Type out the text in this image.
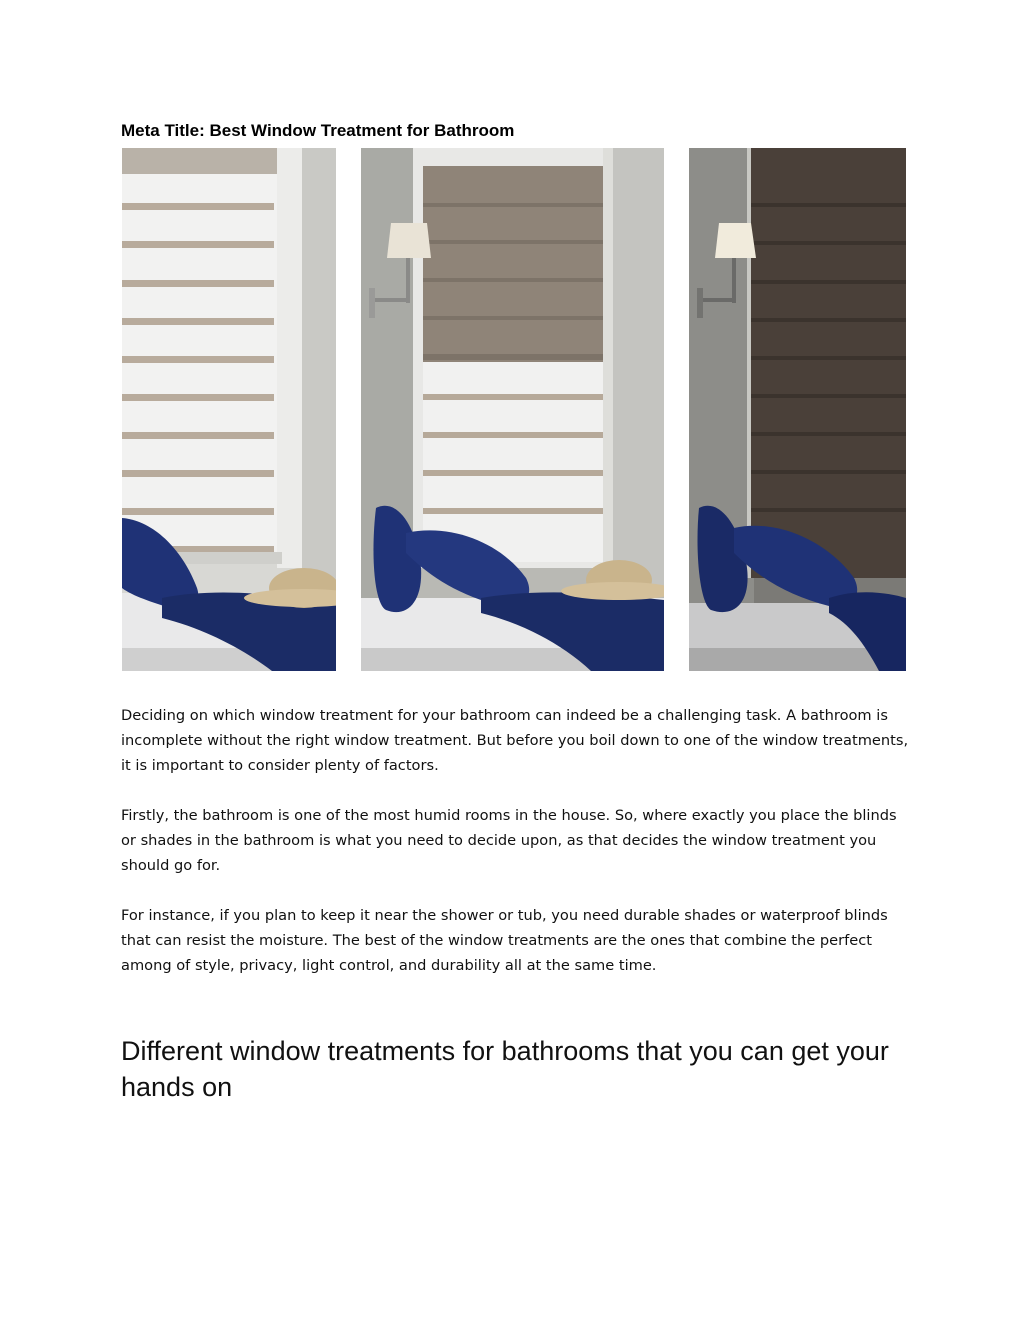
Meta Title: Best Window Treatment for Bathroom

Deciding on which window treatment for your bathroom can indeed be a challenging task. A bathroom is incomplete without the right window treatment. But before you boil down to one of the window treatments, it is important to consider plenty of factors.

Firstly, the bathroom is one of the most humid rooms in the house. So, where exactly you place the blinds or shades in the bathroom is what you need to decide upon, as that decides the window treatment you should go for.

For instance, if you plan to keep it near the shower or tub, you need durable shades or waterproof blinds that can resist the moisture. The best of the window treatments are the ones that combine the perfect among of style, privacy, light control, and durability all at the same time.

Different window treatments for bathrooms that you can get your hands on
